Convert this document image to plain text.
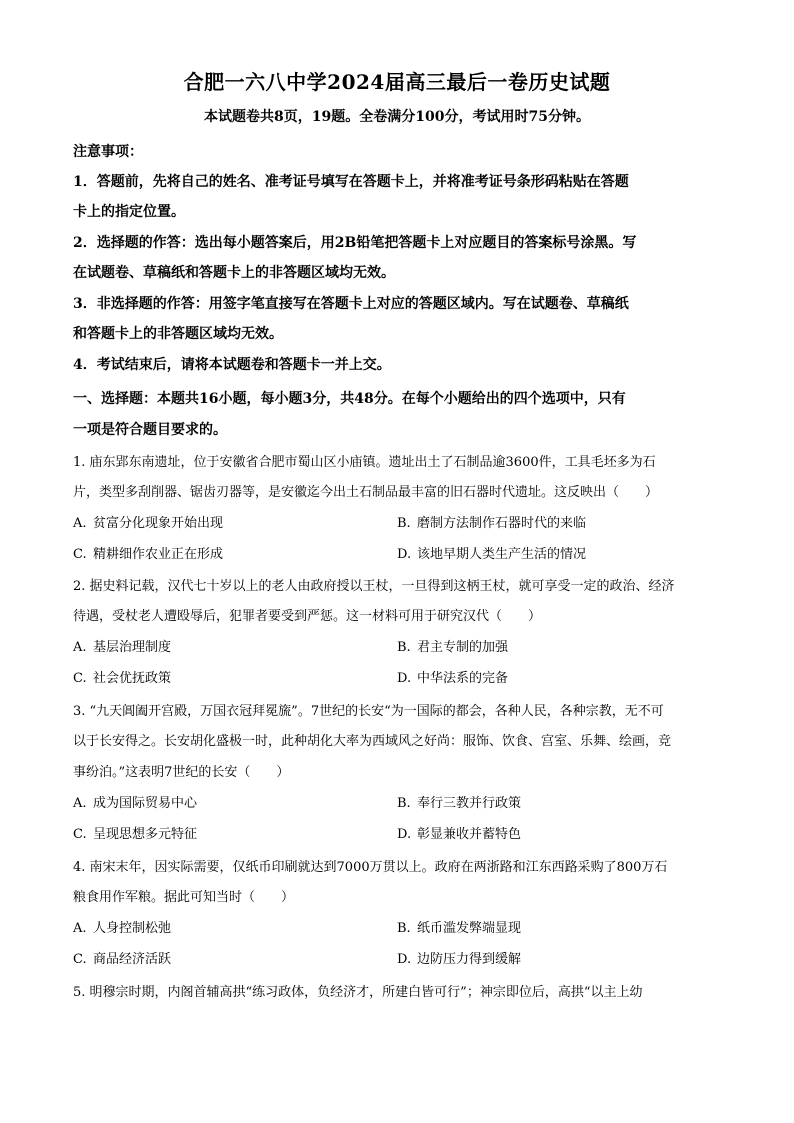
合肥一六八中学2024届高三最后一卷历史试题
本试题卷共8页，19题。全卷满分100分，考试用时75分钟。
注意事项：
1．答题前，先将自己的姓名、准考证号填写在答题卡上，并将准考证号条形码粘贴在答题
卡上的指定位置。
2．选择题的作答：选出每小题答案后，用2B铅笔把答题卡上对应题目的答案标号涂黑。写
在试题卷、草稿纸和答题卡上的非答题区域均无效。
3．非选择题的作答：用签字笔直接写在答题卡上对应的答题区域内。写在试题卷、草稿纸
和答题卡上的非答题区域均无效。
4．考试结束后，请将本试题卷和答题卡一并上交。
一、选择题：本题共16小题，每小题3分，共48分。在每个小题给出的四个选项中，只有
一项是符合题目要求的。
1. 庙东郢东南遗址，位于安徽省合肥市蜀山区小庙镇。遗址出土了石制品逾3600件，工具毛坯多为石
片，类型多刮削器、锯齿刃器等，是安徽迄今出土石制品最丰富的旧石器时代遗址。这反映出（　　）
A. 贫富分化现象开始出现	B. 磨制方法制作石器时代的来临
C. 精耕细作农业正在形成	D. 该地早期人类生产生活的情况
2. 据史料记载，汉代七十岁以上的老人由政府授以王杖，一旦得到这柄王杖，就可享受一定的政治、经济
待遇，受杖老人遭殴辱后，犯罪者要受到严惩。这一材料可用于研究汉代（　　）
A. 基层治理制度	B. 君主专制的加强
C. 社会优抚政策	D. 中华法系的完备
3. “九天阊阖开宫殿，万国衣冠拜冕旒”。7世纪的长安“为一国际的都会，各种人民，各种宗教，无不可
以于长安得之。长安胡化盛极一时，此种胡化大率为西域风之好尚：服饰、饮食、宫室、乐舞、绘画，竞
事纷泊。”这表明7世纪的长安（　　）
A. 成为国际贸易中心	B. 奉行三教并行政策
C. 呈现思想多元特征	D. 彰显兼收并蓄特色
4. 南宋末年，因实际需要，仅纸币印刷就达到7000万贯以上。政府在两浙路和江东西路采购了800万石
粮食用作军粮。据此可知当时（　　）
A. 人身控制松弛	B. 纸币滥发弊端显现
C. 商品经济活跃	D. 边防压力得到缓解
5. 明穆宗时期，内阁首辅高拱“练习政体，负经济才，所建白皆可行”；神宗即位后，高拱“以主上幼
